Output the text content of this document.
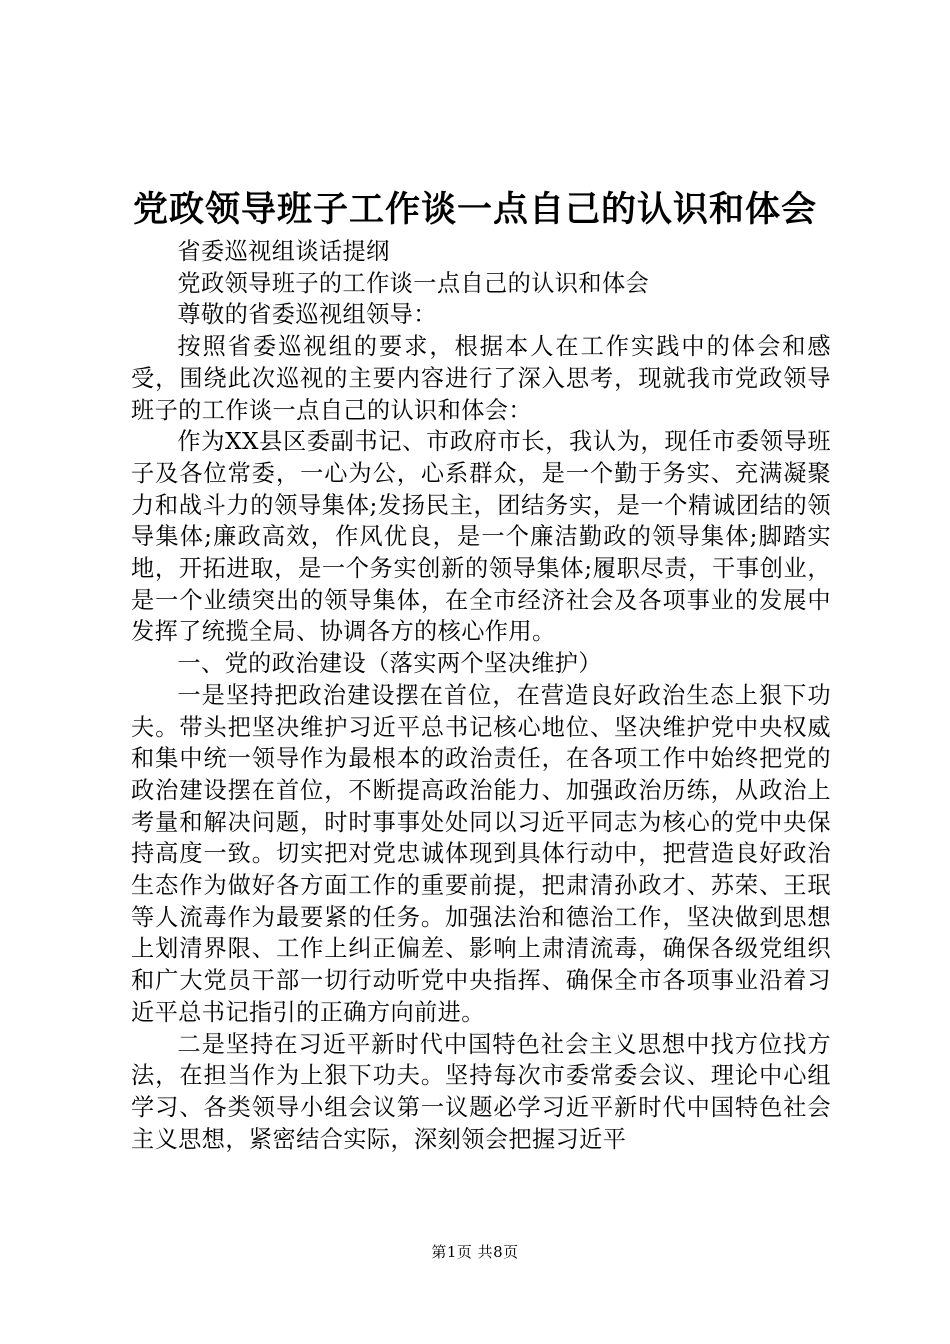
党政领导班子工作谈一点自己的认识和体会

省委巡视组谈话提纲

党政领导班子的工作谈一点自己的认识和体会

尊敬的省委巡视组领导：

按照省委巡视组的要求，根据本人在工作实践中的体会和感受，围绕此次巡视的主要内容进行了深入思考，现就我市党政领导班子的工作谈一点自己的认识和体会：

作为XX县区委副书记、市政府市长，我认为，现任市委领导班子及各位常委，一心为公，心系群众，是一个勤于务实、充满凝聚力和战斗力的领导集体;发扬民主，团结务实，是一个精诚团结的领导集体;廉政高效，作风优良，是一个廉洁勤政的领导集体;脚踏实地，开拓进取，是一个务实创新的领导集体;履职尽责，干事创业，是一个业绩突出的领导集体，在全市经济社会及各项事业的发展中发挥了统揽全局、协调各方的核心作用。

一、党的政治建设（落实两个坚决维护）

一是坚持把政治建设摆在首位，在营造良好政治生态上狠下功夫。带头把坚决维护习近平总书记核心地位、坚决维护党中央权威和集中统一领导作为最根本的政治责任，在各项工作中始终把党的政治建设摆在首位，不断提高政治能力、加强政治历练，从政治上考量和解决问题，时时事事处处同以习近平同志为核心的党中央保持高度一致。切实把对党忠诚体现到具体行动中，把营造良好政治生态作为做好各方面工作的重要前提，把肃清孙政才、苏荣、王珉等人流毒作为最要紧的任务。加强法治和德治工作，坚决做到思想上划清界限、工作上纠正偏差、影响上肃清流毒，确保各级党组织和广大党员干部一切行动听党中央指挥、确保全市各项事业沿着习近平总书记指引的正确方向前进。

二是坚持在习近平新时代中国特色社会主义思想中找方位找方法，在担当作为上狠下功夫。坚持每次市委常委会议、理论中心组学习、各类领导小组会议第一议题必学习近平新时代中国特色社会主义思想，紧密结合实际，深刻领会把握习近平

第1页 共8页
